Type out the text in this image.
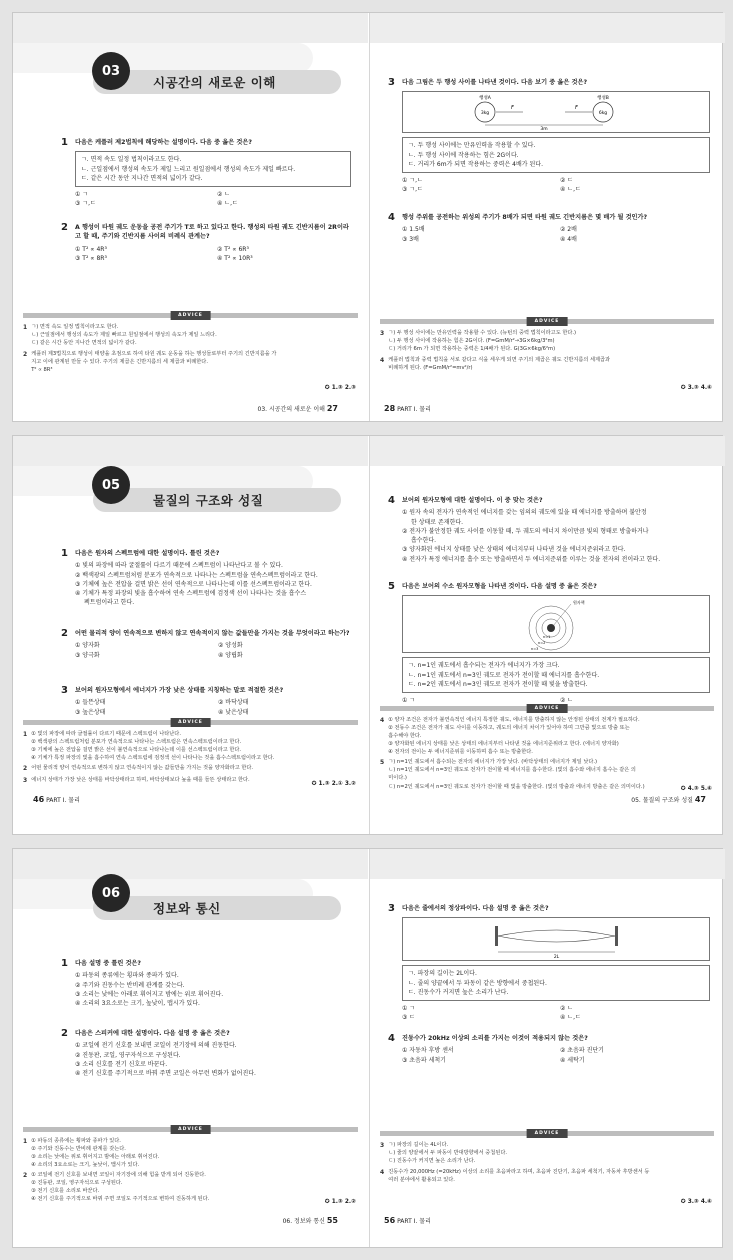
시공간의 새로운 이해
03
1	다음은 케플러 제2법칙에 해당하는 설명이다. 다음 중 옳은 것은?
ㄱ. 면적 속도 일정 법칙이라고도 한다.
ㄴ. 근일점에서 행성의 속도가 제일 느리고 원일점에서 행성의 속도가 제일 빠르다.
ㄷ. 같은 시간 동안 지나간 면적의 넓이가 같다.
① ㄱ	② ㄴ
③ ㄱ,ㄷ	④ ㄴ,ㄷ
2	A 행성이 타원 궤도 운동을 공전 주기가 T로 하고 있다고 한다. 행성의 타원 궤도 긴반지름이 2R이라고 할 때, 주기와 긴반지름 사이의 비례식 관계는?
① T² ∝ 4R³	② T² ∝ 6R³
③ T² ∝ 8R³	④ T² ∝ 10R³
ADVICE
1 ㄱ) 면적 속도 일정 법칙이라고도 한다.
ㄴ) 근일점에서 행성의 속도가 제일 빠르고 원일점에서 행성의 속도가 제일 느리다.
ㄷ) 같은 시간 동안 지나간 면적의 넓이가 같다.
2 케플러 제3법칙으로 행성이 태양을 초점으로 하여 타원 궤도 운동을 하는 행성들로부터 주기의 긴반지름을 가
지고 이에 관계된 만들 수 있다. 주기의 제곱은 긴반지름의 세 제곱과 비례한다.
T² ∝ 8R³
✪ 1.③ 2.③
03. 시공간의 새로운 이해 27
3	다음 그림은 두 행성 사이를 나타낸 것이다. 다음 보기 중 옳은 것은?
행성A	행성B
3kg	6kg
F	F
3m
ㄱ. 두 행성 사이에는 만유인력을 작용할 수 있다.
ㄴ. 두 행성 사이에 작용하는 힘은 2G이다.
ㄷ. 거리가 6m가 되면 작용하는 중력은 4배가 된다.
① ㄱ,ㄴ	② ㄷ
③ ㄱ,ㄷ	④ ㄴ,ㄷ
4	행성 주위를 공전하는 위성의 주기가 8배가 되면 타원 궤도 긴반지름은 몇 배가 될 것인가?
① 1.5배	② 2배
③ 3배	④ 4배
ADVICE
3 ㄱ) 두 행성 사이에는 만유인력을 작용할 수 있다. (뉴턴의 중력 법칙이라고도 한다.)
ㄴ) 두 행성 사이에 작용하는 힘은 2G이다. (F=GmM/r²→3G×6kg/3²m)
ㄷ) 거리가 6m 가 되면 작용하는 중력은 1/4배가 된다. G(3G×6kg/6²m)
4 케플러 법칙과 중력 법칙을 서로 같다고 식을 세우게 되면 주기의 제곱은 궤도 긴반지름의 세제곱과
비례하게 된다. (F=GmM/r²=mv²/r)
✪ 3.③ 4.④
28 PART Ⅰ. 물리
물질의 구조와 성질
05
1	다음은 원자의 스펙트럼에 대한 설명이다. 틀린 것은?
① 빛의 파장에 따라 굴절률이 다르기 때문에 스펙트럼이 나타난다고 볼 수 있다.
② 백색광의 스펙트럼처럼 분포가 연속적으로 나타나는 스펙트럼을 연속스펙트럼이라고 한다.
③ 기체에 높은 전압을 걸면 밝은 선이 연속적으로 나타나는데 이를 선스펙트럼이라고 한다.
④ 기체가 특정 파장의 빛을 흡수하여 연속 스펙트럼에 검정색 선이 나타나는 것을 흡수스
펙트럼이라고 한다.
2	어떤 물리적 양이 연속적으로 변하지 않고 연속적이지 않는 값들만을 가지는 것을 무엇이라고 하는가?
① 양자화	② 양성화
③ 양극화	④ 양립화
3	보어의 원자모형에서 에너지가 가장 낮은 상태를 지칭하는 말로 적절한 것은?
① 들뜬상태	② 바닥상태
③ 높은상태	④ 낮은상태
ADVICE
1 ① 빛의 파장에 따라 굴절률이 다르기 때문에 스펙트럼이 나타난다.
② 백색광의 스펙트럼처럼 분포가 연속적으로 나타나는 스펙트럼은 연속스펙트럼이라고 한다.
③ 기체에 높은 전압을 걸면 밝은 선이 불연속적으로 나타나는데 이를 선스펙트럼이라고 한다.
④ 기체가 특정 파장의 빛을 흡수하여 연속 스펙트럼에 검정색 선이 나타나는 것을 흡수스펙트럼이라고 한다.
2 어떤 물리적 양이 연속적으로 변하지 않고 연속적이지 않는 값들만을 가지는 것을 양자화라고 한다.
3 에너지 상태가 가장 낮은 상태를 바닥상태라고 하며, 바닥상태보다 높을 때를 들뜬 상태라고 한다.
✪ 1.③ 2.① 3.②
46 PART Ⅰ. 물리
4	보어의 원자모형에 대한 설명이다. 이 중 맞는 것은?
① 원자 속의 전자가 연속적인 에너지를 갖는 임의의 궤도에 있을 때 에너지를 방출하며 불안정
한 상태로 존재한다.
② 전자가 불안정한 궤도 사이를 이동할 때, 두 궤도의 에너지 차이만큼 빛의 형태로 방출하거나
흡수한다.
③ 양자화된 에너지 상태를 낮은 상태의 에너지부터 나타낸 것을 에너지준위라고 한다.
④ 전자가 특정 에너지를 흡수 또는 방출하면서 두 에너지준위를 이루는 것을 전자의 전이라고 한다.
5	다음은 보어의 수소 원자모형을 나타낸 것이다. 다음 설명 중 옳은 것은?
원자핵
n=1
n=2
n=3
ㄱ. n=1인 궤도에서 흡수되는 전자가 에너지가 가장 크다.
ㄴ. n=1인 궤도에서 n=3인 궤도로 전자가 전이할 때 에너지를 흡수한다.
ㄷ. n=2인 궤도에서 n=3인 궤도로 전자가 전이할 때 빛을 방출한다.
① ㄱ	② ㄴ
ADVICE
4 ① 양자 조건은 전자가 불연속적인 에너지 특정한 궤도, 에너지를 방출하지 않는 안정된 상태의 전계가 필요하다.
② 전동수 조건은 전자가 궤도 사이를 이동하고, 궤도의 에너지 차이가 있어야 하며 그만큼 빛으로 방출 또는
흡수해야 한다.
③ 양자화된 에너지 상태를 낮은 상태의 에너지부터 나타낸 것을 에너지준위라고 한다. (에너지 양자화)
④ 전자의 전이는 두 에너지준위를 이동하며 흡수 또는 방출한다.
5 ㄱ) n=1인 궤도에서 흡수되는 전자의 에너지가 가장 낮다. (바닥상태의 에너지가 제일 낮다.)
ㄴ) n=1인 궤도에서 n=3인 궤도로 전자가 전이할 때 에너지를 흡수한다. (빛의 흡수와 에너지 흡수는 같은 의
미이다.)
ㄷ) n=2인 궤도에서 n=3인 궤도로 전자가 전이할 때 빛을 방출한다. (빛의 방출과 에너지 방출은 같은 의미이다.)	✪ 4.③ 5.④
05. 물질의 구조와 성질 47
정보와 통신
06
1	다음 설명 중 틀린 것은?
① 파동의 종류에는 횡파와 종파가 있다.
② 주기와 진동수는 반비례 관계를 갖는다.
③ 소리는 낮에는 아래로 휘어지고 밤에는 위로 휘어진다.
④ 소리의 3요소로는 크기, 높낮이, 맵시가 있다.
2	다음은 스피커에 대한 설명이다. 다음 설명 중 옳은 것은?
① 코일에 전기 신호를 보내면 코일이 전기장에 의해 진동한다.
② 진동판, 코일, 영구자석으로 구성된다.
③ 소리 신호를 전기 신호로 바꾼다.
④ 전기 신호를 주기적으로 바꿔 주면 코일은 아무런 변화가 없어진다.
ADVICE
1 ① 파동의 종류에는 횡파와 종파가 있다.
② 주기와 진동수는 반비례 관계를 갖는다.
③ 소리는 낮에는 위로 휘어지고 밤에는 아래로 휘어진다.
④ 소리의 3요소로는 크기, 높낮이, 맵시가 있다.
2 ① 코일에 전기 신호를 보내면 코일이 자기장에 의해 힘을 받게 되어 진동한다.
② 진동판, 코일, 영구자석으로 구성된다.
③ 전기 신호를 소리로 바꾼다.
④ 전기 신호를 주기적으로 바꿔 주면 코일도 주기적으로 변하여 진동하게 된다.	✪ 1.③ 2.②
06. 정보와 통신 55
3	다음은 줄에서의 정상파이다. 다음 설명 중 옳은 것은?
2L
ㄱ. 파장의 길이는 2L이다.
ㄴ. 줄의 양끝에서 두 파동이 같은 방향에서 중첩된다.
ㄷ. 진동수가 커지면 높은 소리가 난다.
① ㄱ	② ㄴ
③ ㄷ	④ ㄴ,ㄷ
4	진동수가 20kHz 이상의 소리를 가지는 이것이 적용되지 않는 것은?
① 자동차 후방 센서	② 초음파 진단기
③ 초음파 세척기	④ 세탁기
ADVICE
3 ㄱ) 파장의 길이는 4L이다.
ㄴ) 줄의 양끝에서 두 파동이 반대방향에서 중첩된다.
ㄷ) 진동수가 커지면 높은 소리가 난다.
4 진동수가 20,000Hz (=20kHz) 이상의 소리를 초음파라고 하며, 초음파 진단기, 초음파 세척기, 자동차 후방센서 등
여러 분야에서 활용되고 있다.
✪ 3.③ 4.④
56 PART Ⅰ. 물리
